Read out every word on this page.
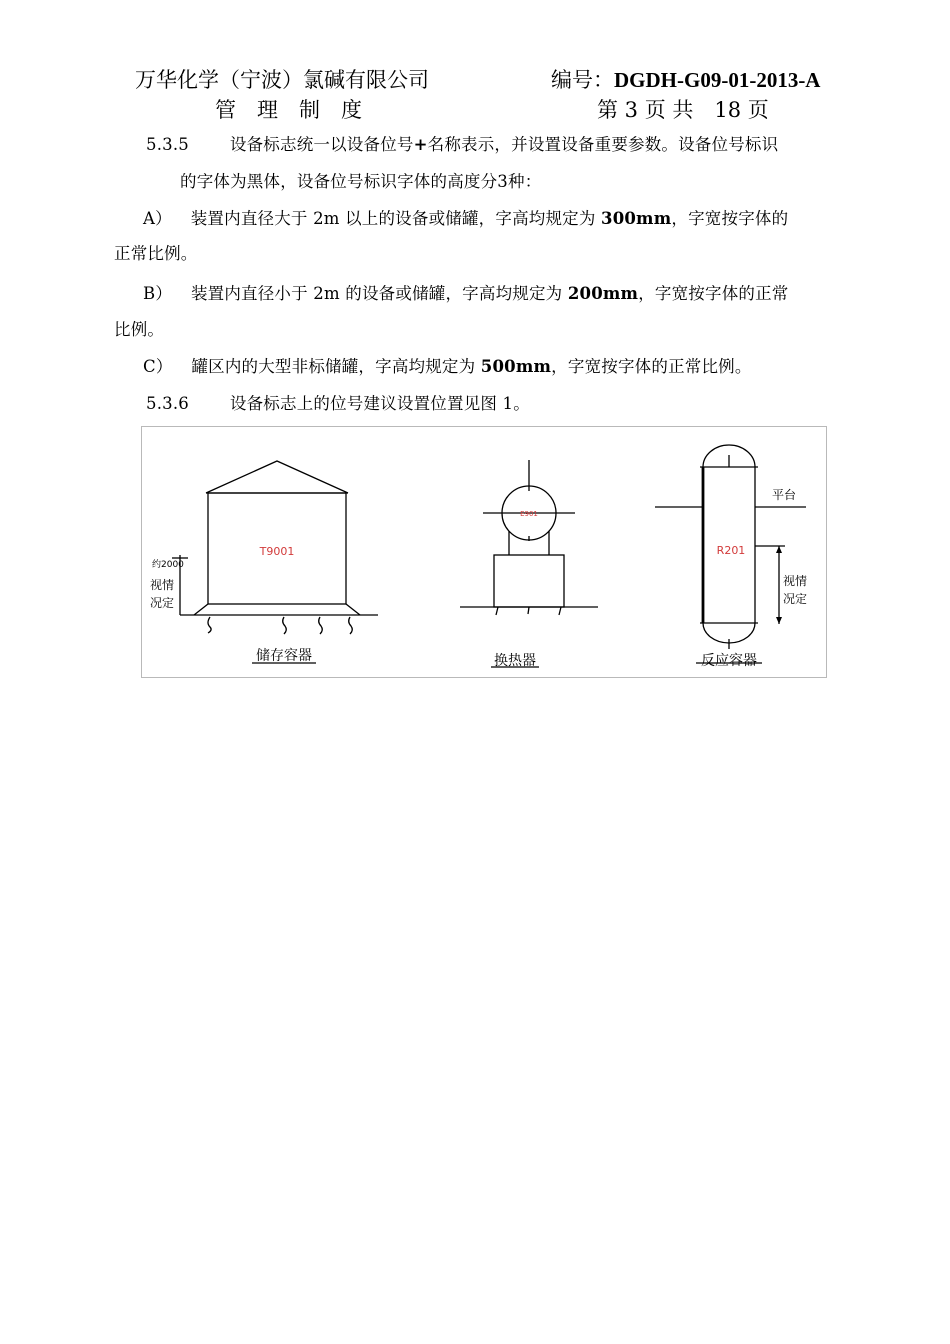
万华化学（宁波）氯碱有限公司	编号：DGDH-G09-01-2013-A
管　理　制　度	第 3 页 共　18 页
5.3.5 设备标志统一以设备位号+名称表示，并设置设备重要参数。设备位号标识
的字体为黑体，设备位号标识字体的高度分3种：
A） 装置内直径大于 2m 以上的设备或储罐，字高均规定为 300mm，字宽按字体的
正常比例。
B） 装置内直径小于 2m 的设备或储罐，字高均规定为 200mm，字宽按字体的正常
比例。
C） 罐区内的大型非标储罐，字高均规定为 500mm，字宽按字体的正常比例。
5.3.6 设备标志上的位号建议设置位置见图 1。
T9001
约2000
视情
况定
储存容器
E901
换热器
R201
平台
视情
况定
反应容器
